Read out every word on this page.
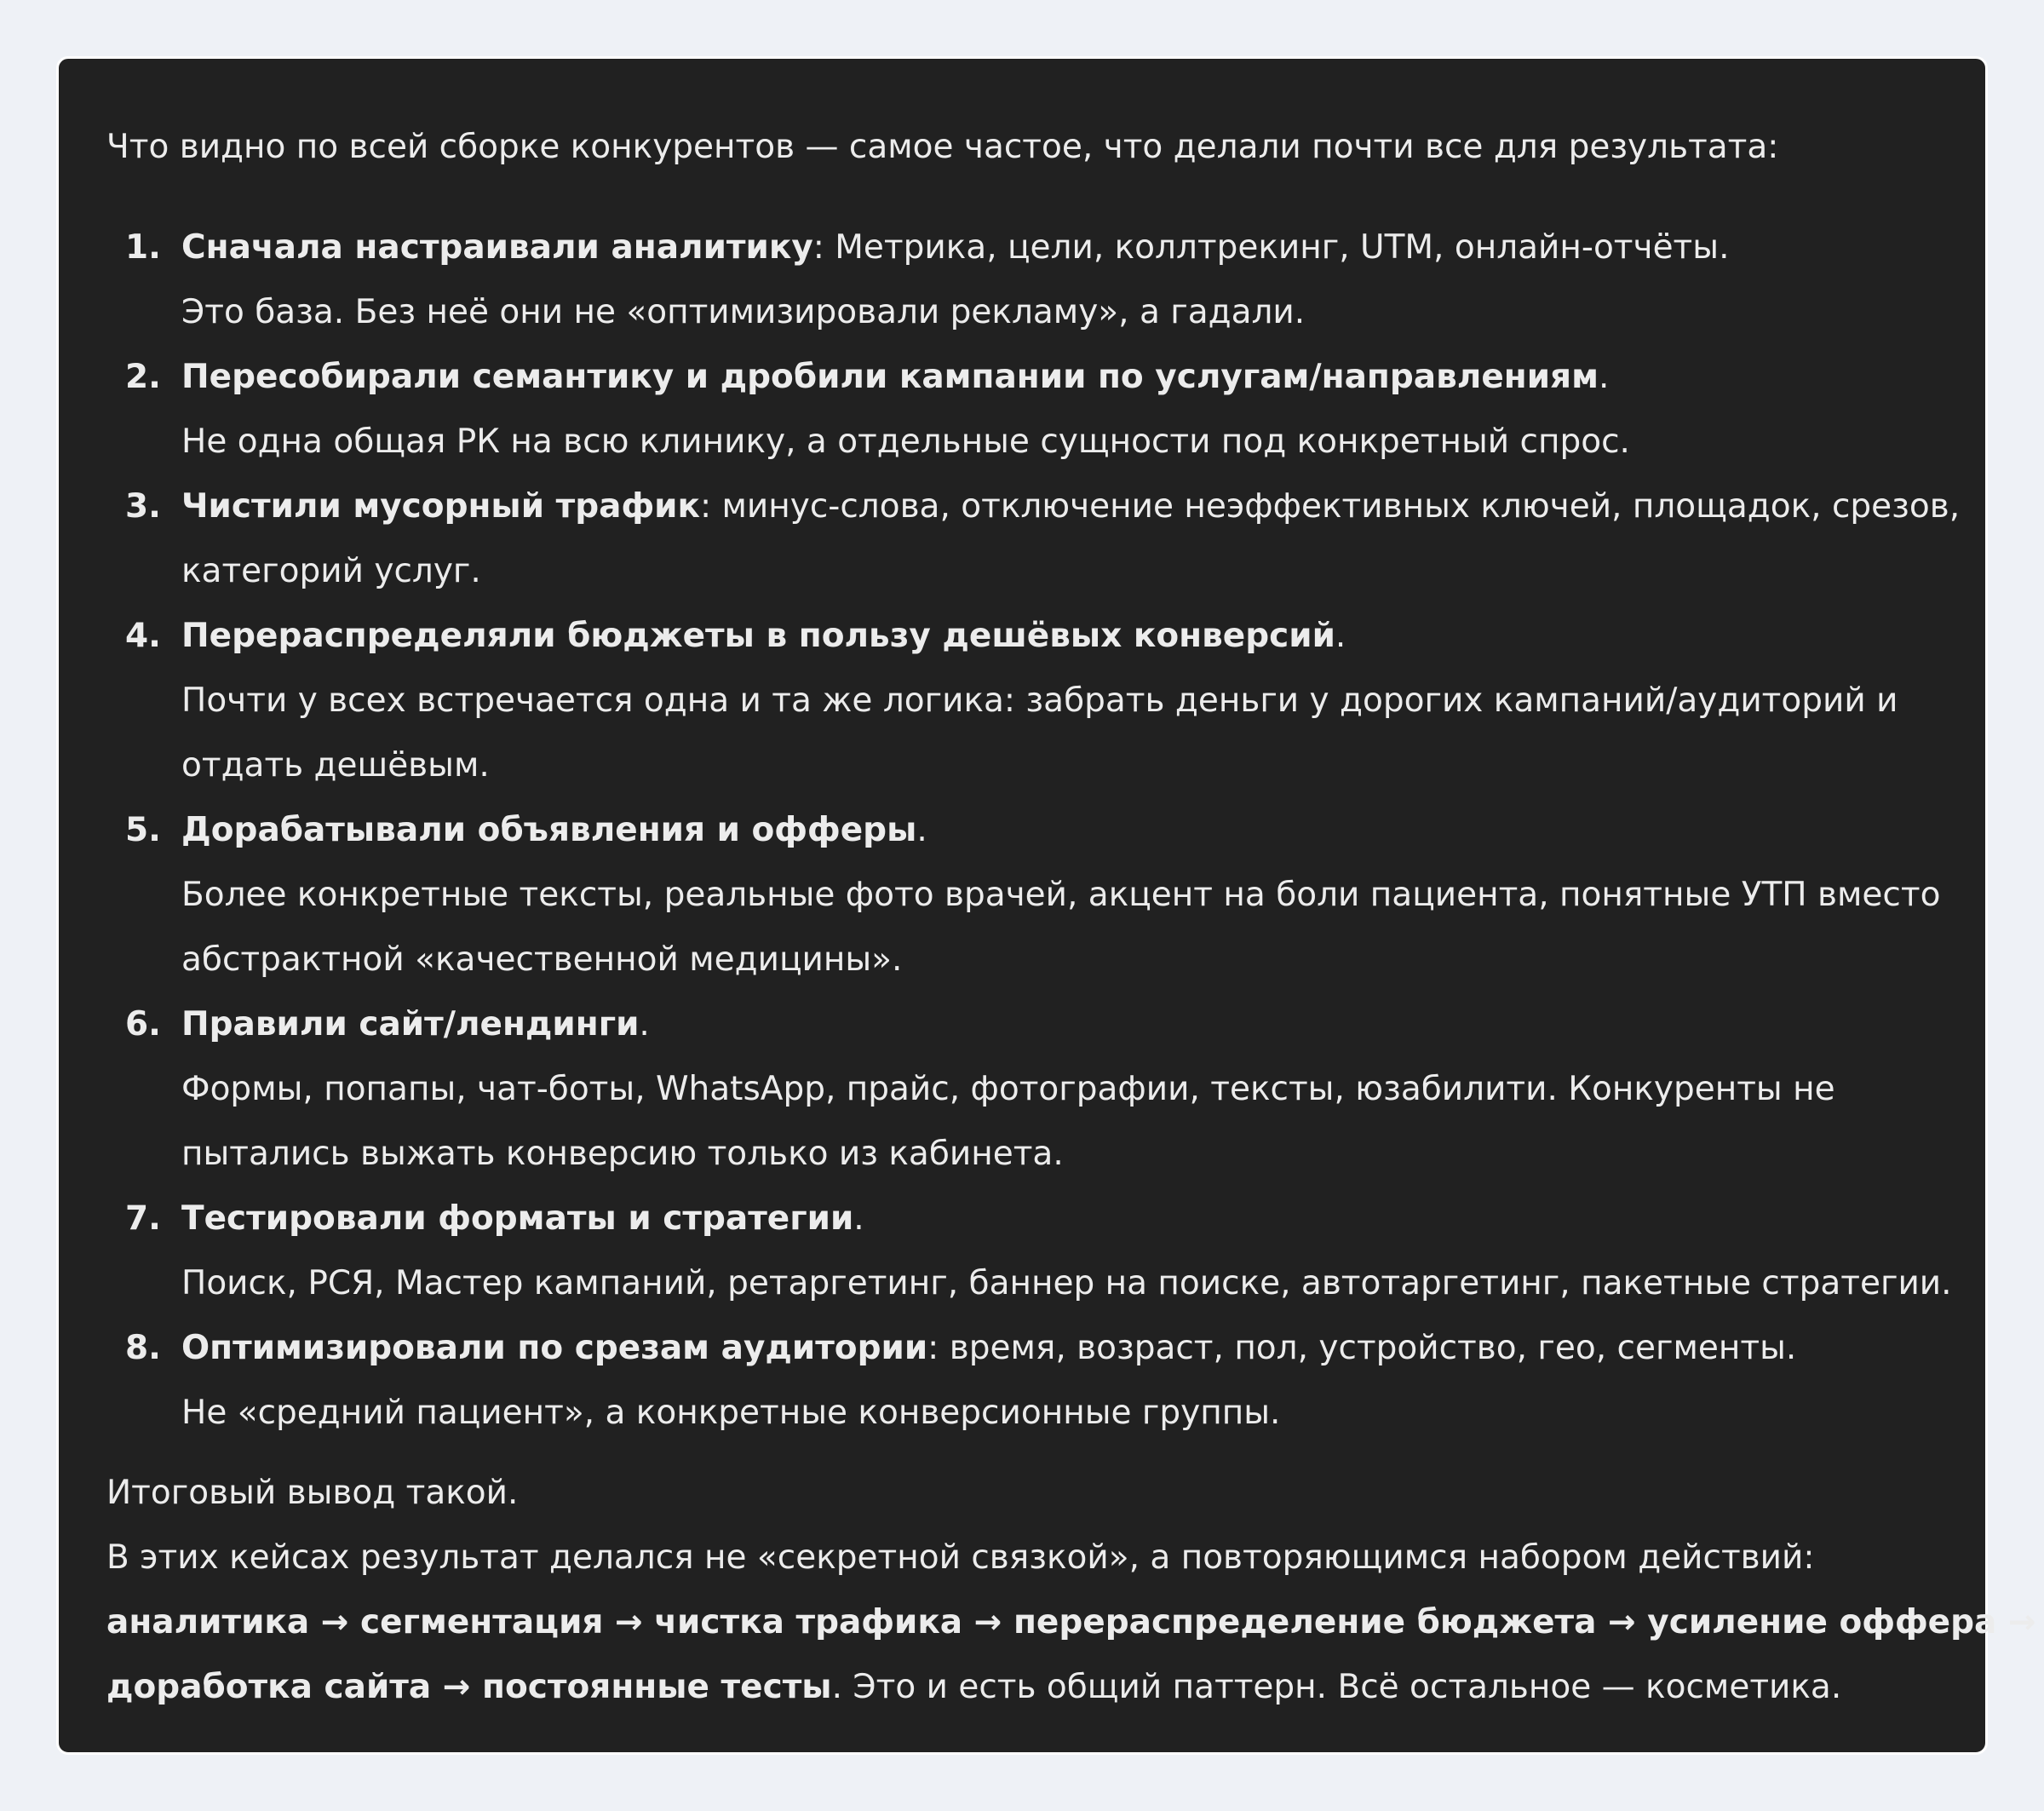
Что видно по всей сборке конкурентов — самое частое, что делали почти все для результата:

1. Сначала настраивали аналитику: Метрика, цели, коллтрекинг, UTM, онлайн-отчёты.
Это база. Без неё они не «оптимизировали рекламу», а гадали.
2. Пересобирали семантику и дробили кампании по услугам/направлениям.
Не одна общая РК на всю клинику, а отдельные сущности под конкретный спрос.
3. Чистили мусорный трафик: минус-слова, отключение неэффективных ключей, площадок, срезов,
категорий услуг.
4. Перераспределяли бюджеты в пользу дешёвых конверсий.
Почти у всех встречается одна и та же логика: забрать деньги у дорогих кампаний/аудиторий и
отдать дешёвым.
5. Дорабатывали объявления и офферы.
Более конкретные тексты, реальные фото врачей, акцент на боли пациента, понятные УТП вместо
абстрактной «качественной медицины».
6. Правили сайт/лендинги.
Формы, попапы, чат-боты, WhatsApp, прайс, фотографии, тексты, юзабилити. Конкуренты не
пытались выжать конверсию только из кабинета.
7. Тестировали форматы и стратегии.
Поиск, РСЯ, Мастер кампаний, ретаргетинг, баннер на поиске, автотаргетинг, пакетные стратегии.
8. Оптимизировали по срезам аудитории: время, возраст, пол, устройство, гео, сегменты.
Не «средний пациент», а конкретные конверсионные группы.

Итоговый вывод такой.

В этих кейсах результат делался не «секретной связкой», а повторяющимся набором действий:

аналитика → сегментация → чистка трафика → перераспределение бюджета → усиление оффера →

доработка сайта → постоянные тесты. Это и есть общий паттерн. Всё остальное — косметика.
